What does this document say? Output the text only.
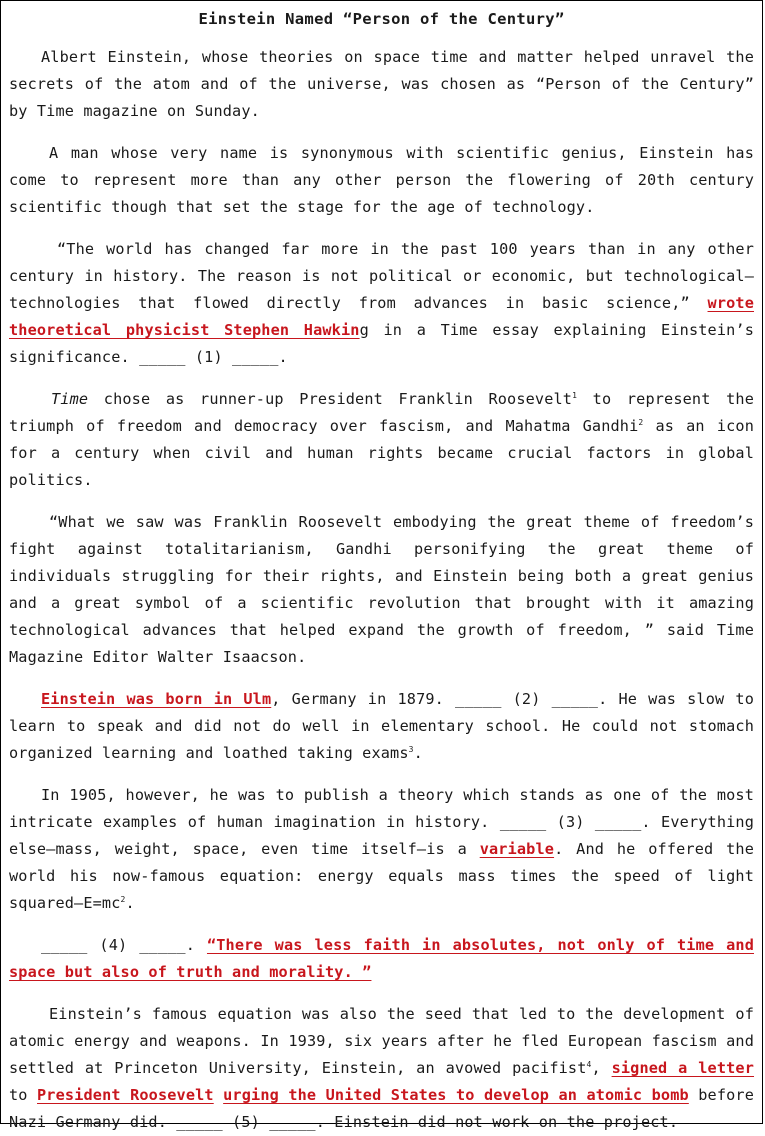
Einstein Named “Person of the Century”

Albert Einstein, whose theories on space time and matter helped unravel the secrets of the atom and of the universe, was chosen as “Person of the Century” by Time magazine on Sunday.

A man whose very name is synonymous with scientific genius, Einstein has come to represent more than any other person the flowering of 20th century scientific though that set the stage for the age of technology.

“The world has changed far more in the past 100 years than in any other century in history. The reason is not political or economic, but technological—technologies that flowed directly from advances in basic science,” wrote theoretical physicist Stephen Hawking in a Time essay explaining Einstein’s significance. _____ (1) _____.

Time chose as runner-up President Franklin Roosevelt$^1$ to represent the triumph of freedom and democracy over fascism, and Mahatma Gandhi$^2$ as an icon for a century when civil and human rights became crucial factors in global politics.

“What we saw was Franklin Roosevelt embodying the great theme of freedom’s fight against totalitarianism, Gandhi personifying the great theme of individuals struggling for their rights, and Einstein being both a great genius and a great symbol of a scientific revolution that brought with it amazing technological advances that helped expand the growth of freedom, ” said Time Magazine Editor Walter Isaacson.

Einstein was born in Ulm, Germany in 1879. _____ (2) _____. He was slow to learn to speak and did not do well in elementary school. He could not stomach organized learning and loathed taking exams$^3$.

In 1905, however, he was to publish a theory which stands as one of the most intricate examples of human imagination in history. _____ (3) _____. Everything else—mass, weight, space, even time itself—is a variable. And he offered the world his now-famous equation: energy equals mass times the speed of light $squared—E=mc^2$.

_____ (4) _____. “There was less faith in absolutes, not only of time and space but also of truth and morality. ”

Einstein’s famous equation was also the seed that led to the development of atomic energy and weapons. In 1939, six years after he fled European fascism and settled at Princeton University, Einstein, an avowed pacifist$^4$, signed a letter to President Roosevelt urging the United States to develop an atomic bomb before Nazi Germany did. _____ (5) _____. Einstein did not work on the project.
